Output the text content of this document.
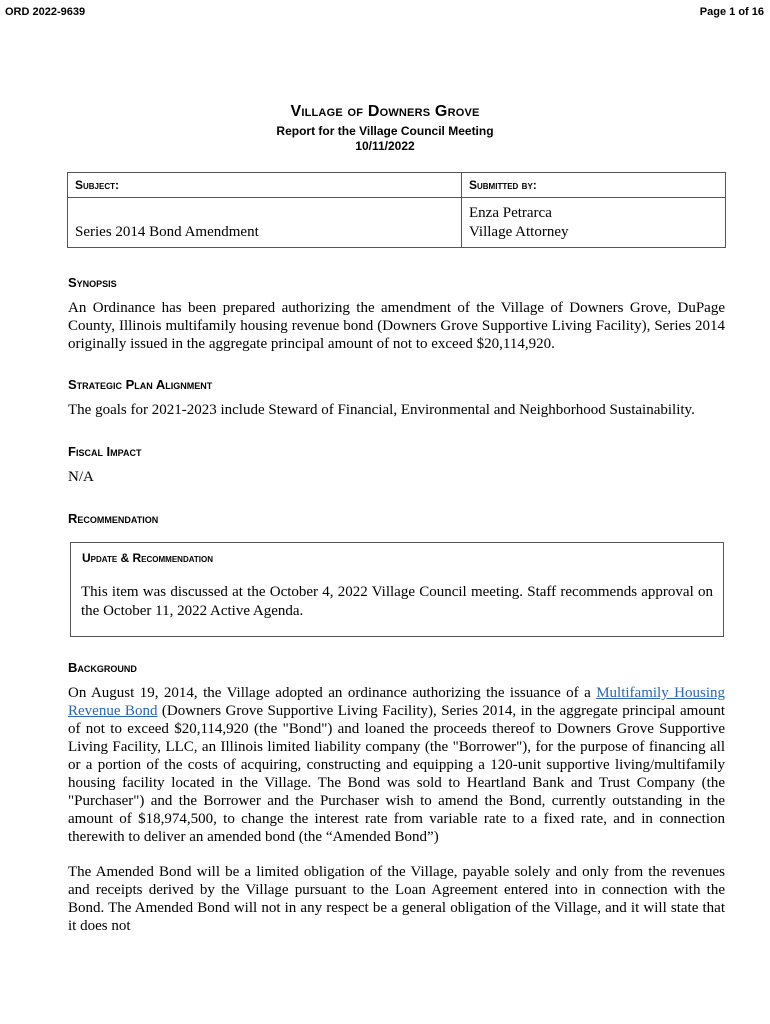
ORD 2022-9639	Page 1 of 16
Village of Downers Grove
Report for the Village Council Meeting
10/11/2022
Subject:	Submitted by:
Series 2014 Bond Amendment	Enza Petrarca
Village Attorney
Synopsis
An Ordinance has been prepared authorizing the amendment of the Village of Downers Grove, DuPage County, Illinois multifamily housing revenue bond (Downers Grove Supportive Living Facility), Series 2014 originally issued in the aggregate principal amount of not to exceed $20,114,920.
Strategic Plan Alignment
The goals for 2021-2023 include Steward of Financial, Environmental and Neighborhood Sustainability.
Fiscal Impact
N/A
Recommendation
Update & Recommendation
This item was discussed at the October 4, 2022 Village Council meeting. Staff recommends approval on the October 11, 2022 Active Agenda.
Background
On August 19, 2014, the Village adopted an ordinance authorizing the issuance of a Multifamily Housing Revenue Bond (Downers Grove Supportive Living Facility), Series 2014, in the aggregate principal amount of not to exceed $20,114,920 (the "Bond") and loaned the proceeds thereof to Downers Grove Supportive Living Facility, LLC, an Illinois limited liability company (the "Borrower"), for the purpose of financing all or a portion of the costs of acquiring, constructing and equipping a 120-unit supportive living/multifamily housing facility located in the Village. The Bond was sold to Heartland Bank and Trust Company (the "Purchaser") and the Borrower and the Purchaser wish to amend the Bond, currently outstanding in the amount of $18,974,500, to change the interest rate from variable rate to a fixed rate, and in connection therewith to deliver an amended bond (the “Amended Bond”)
The Amended Bond will be a limited obligation of the Village, payable solely and only from the revenues and receipts derived by the Village pursuant to the Loan Agreement entered into in connection with the Bond. The Amended Bond will not in any respect be a general obligation of the Village, and it will state that it does not
